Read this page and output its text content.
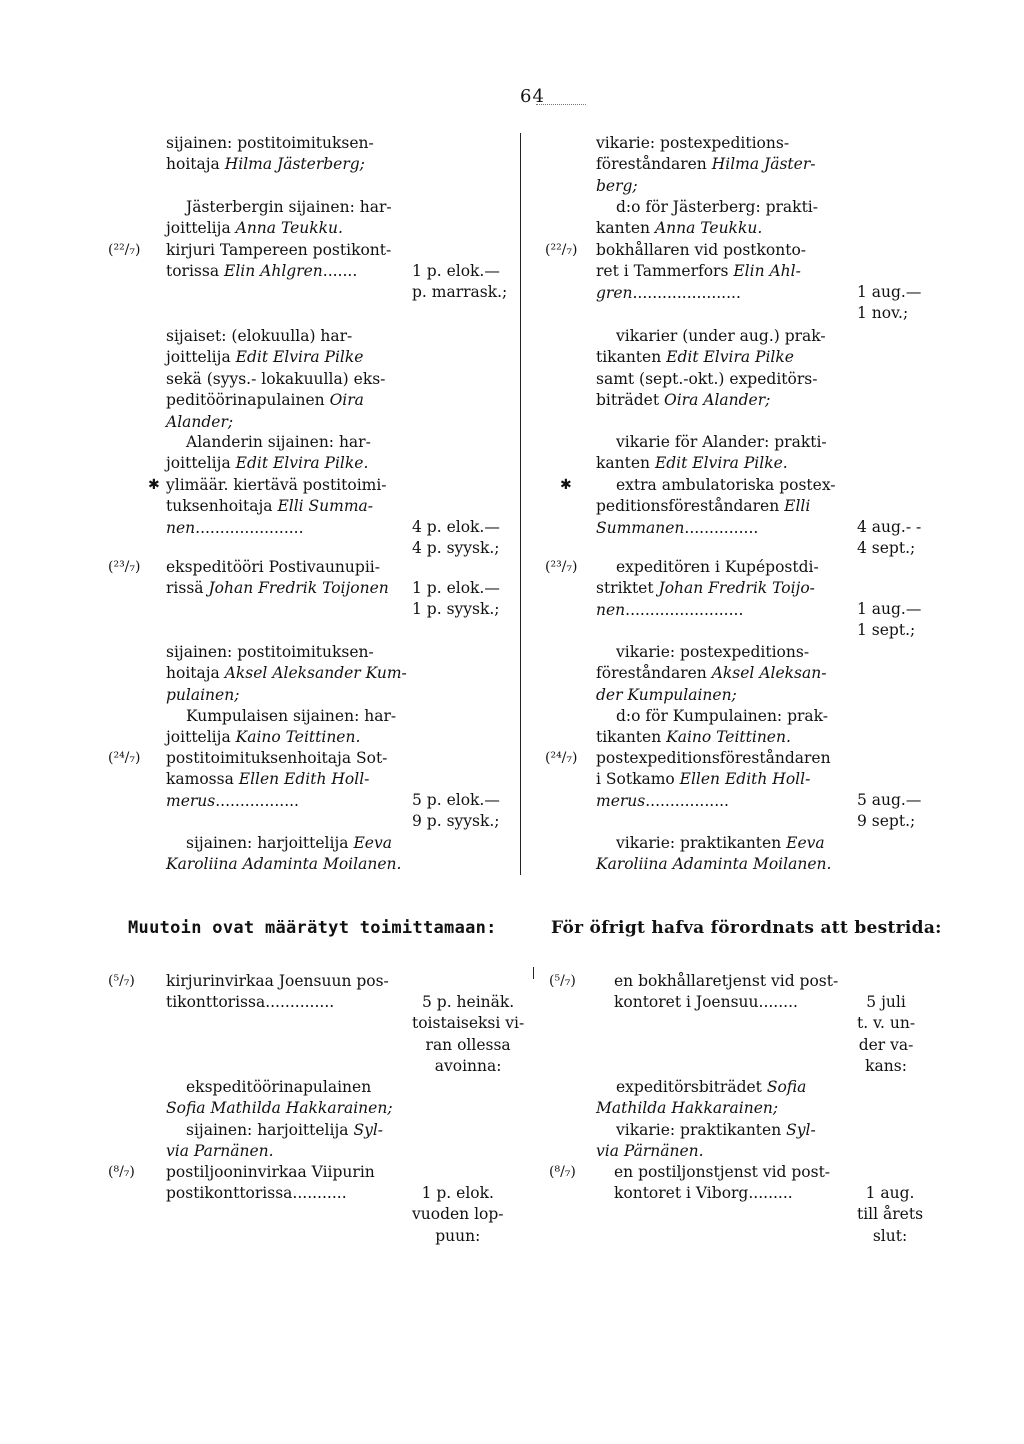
64
sijainen: postitoimituksen-
hoitaja Hilma Jästerberg;
Jästerbergin sijainen: har-
joittelija Anna Teukku.
(²²/₇) kirjuri Tampereen postikont-
torissa Elin Ahlgren.......	1 p. elok.—
p. marrask.;
sijaiset: (elokuulla) har-
joittelija Edit Elvira Pilke
sekä (syys.- lokakuulla) eks-
peditöörinapulainen Oira
Alander;
Alanderin sijainen: har-
joittelija Edit Elvira Pilke.
✱ ylimäär. kiertävä postitoimi-
tuksenhoitaja Elli Summa-
nen......................	4 p. elok.—
4 p. syysk.;
(²³/₇) ekspeditööri Postivaunupii-
rissä Johan Fredrik Toijonen 1 p. elok.—
1 p. syysk.;
sijainen: postitoimituksen-
hoitaja Aksel Aleksander Kum-
pulainen;
Kumpulaisen sijainen: har-
joittelija Kaino Teittinen.
(²⁴/₇) postitoimituksenhoitaja Sot-
kamossa Ellen Edith Holl-
merus.................	5 p. elok.—
9 p. syysk.;
sijainen: harjoittelija Eeva
Karoliina Adaminta Moilanen.
vikarie: postexpeditions-
föreståndaren Hilma Jäster-
berg;
d:o för Jästerberg: prakti-
kanten Anna Teukku.
(²²/₇) bokhållaren vid postkonto-
ret i Tammerfors Elin Ahl-
gren......................	1 aug.—
1 nov.;
vikarier (under aug.) prak-
tikanten Edit Elvira Pilke
samt (sept.-okt.) expeditörs-
biträdet Oira Alander;
vikarie för Alander: prakti-
kanten Edit Elvira Pilke.
✱	extra ambulatoriska postex-
peditionsföreståndaren Elli
Summanen...............	4 aug.- -
4 sept.;
(²³/₇)	expeditören i Kupépostdi-
striktet Johan Fredrik Toijo-
nen........................	1 aug.—
1 sept.;
vikarie: postexpeditions-
föreståndaren Aksel Aleksan-
der Kumpulainen;
d:o för Kumpulainen: prak-
tikanten Kaino Teittinen.
(²⁴/₇) postexpeditionsföreståndaren
i Sotkamo Ellen Edith Holl-
merus.................	5 aug.—
9 sept.;
vikarie: praktikanten Eeva
Karoliina Adaminta Moilanen.
Muutoin ovat määrätyt toimittamaan:	För öfrigt hafva förordnats att bestrida:
(⁵/₇) kirjurinvirkaa Joensuun pos-
tikonttorissa..............	5 p. heinäk.
toistaiseksi vi-
ran ollessa
avoinna:
ekspeditöörinapulainen
Sofia Mathilda Hakkarainen;
sijainen: harjoittelija Syl-
via Parnänen.
(⁸/₇) postiljooninvirkaa Viipurin
postikonttorissa...........	1 p. elok.
vuoden lop-
puun:
(⁵/₇) en bokhållaretjenst vid post-
kontoret i Joensuu........	5 juli
t. v. un-
der va-
kans:
expeditörsbiträdet Sofia
Mathilda Hakkarainen;
vikarie: praktikanten Syl-
via Pärnänen.
(⁸/₇) en postiljonstjenst vid post-
kontoret i Viborg.........	1 aug.
till årets
slut:
